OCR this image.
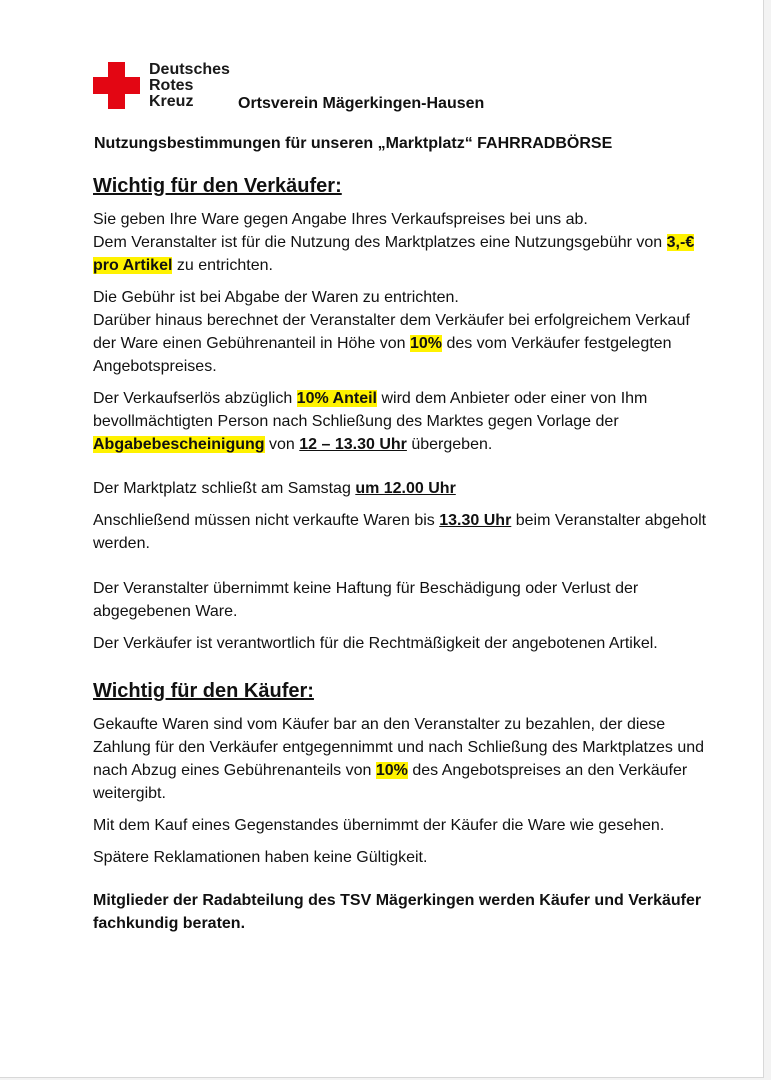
Deutsches
Rotes
Kreuz	Ortsverein Mägerkingen-Hausen
Nutzungsbestimmungen für unseren „Marktplatz“ FAHRRADBÖRSE
Wichtig für den Verkäufer:

Sie geben Ihre Ware gegen Angabe Ihres Verkaufspreises bei uns ab.
Dem Veranstalter ist für die Nutzung des Marktplatzes eine Nutzungsgebühr von 3,-€ pro Artikel zu entrichten.

Die Gebühr ist bei Abgabe der Waren zu entrichten.
Darüber hinaus berechnet der Veranstalter dem Verkäufer bei erfolgreichem Verkauf der Ware einen Gebührenanteil in Höhe von 10% des vom Verkäufer festgelegten Angebotspreises.

Der Verkaufserlös abzüglich 10% Anteil wird dem Anbieter oder einer von Ihm bevollmächtigten Person nach Schließung des Marktes gegen Vorlage der Abgabebescheinigung von 12 – 13.30 Uhr übergeben.

Der Marktplatz schließt am Samstag um 12.00 Uhr

Anschließend müssen nicht verkaufte Waren bis 13.30 Uhr beim Veranstalter abgeholt werden.

Der Veranstalter übernimmt keine Haftung für Beschädigung oder Verlust der abgegebenen Ware.

Der Verkäufer ist verantwortlich für die Rechtmäßigkeit der angebotenen Artikel.

Wichtig für den Käufer:

Gekaufte Waren sind vom Käufer bar an den Veranstalter zu bezahlen, der diese Zahlung für den Verkäufer entgegennimmt und nach Schließung des Marktplatzes und nach Abzug eines Gebührenanteils von 10% des Angebotspreises an den Verkäufer weitergibt.

Mit dem Kauf eines Gegenstandes übernimmt der Käufer die Ware wie gesehen.

Spätere Reklamationen haben keine Gültigkeit.

Mitglieder der Radabteilung des TSV Mägerkingen werden Käufer und Verkäufer fachkundig beraten.
